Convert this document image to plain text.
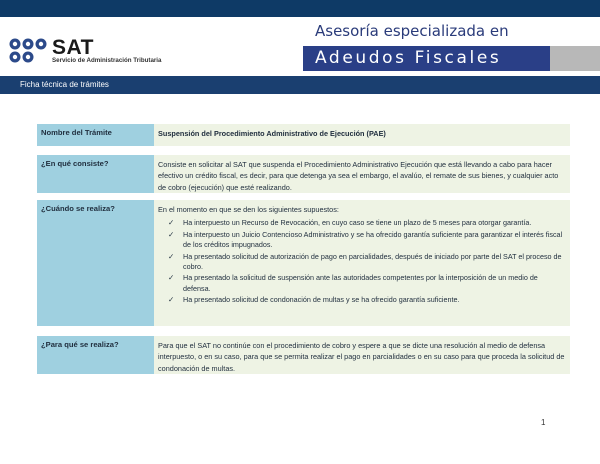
SAT
Servicio de Administración Tributaria
Asesoría especializada en
Adeudos Fiscales
Ficha técnica de trámites
Nombre del Trámite	Suspensión del Procedimiento Administrativo de Ejecución (PAE)
¿En qué consiste?	Consiste en solicitar al SAT que suspenda el Procedimiento Administrativo Ejecución que está llevando a cabo para hacer efectivo un crédito fiscal, es decir, para que detenga ya sea el embargo, el avalúo, el remate de sus bienes, y cualquier acto de cobro (ejecución) que esté realizando.
¿Cuándo se realiza?	En el momento en que se den los siguientes supuestos:
✓ Ha interpuesto un Recurso de Revocación, en cuyo caso se tiene un plazo de 5 meses para otorgar garantía.
✓ Ha interpuesto un Juicio Contencioso Administrativo y se ha ofrecido garantía suficiente para garantizar el interés fiscal de los créditos impugnados.
✓ Ha presentado solicitud de autorización de pago en parcialidades, después de iniciado por parte del SAT el proceso de cobro.
✓ Ha presentado la solicitud de suspensión ante las autoridades competentes por la interposición de un medio de defensa.
✓ Ha presentado solicitud de condonación de multas y se ha ofrecido garantía suficiente.
¿Para qué se realiza?	Para que el SAT no continúe con el procedimiento de cobro y espere a que se dicte una resolución al medio de defensa interpuesto, o en su caso, para que se permita realizar el pago en parcialidades o en su caso para que proceda la solicitud de condonación de multas.
1
